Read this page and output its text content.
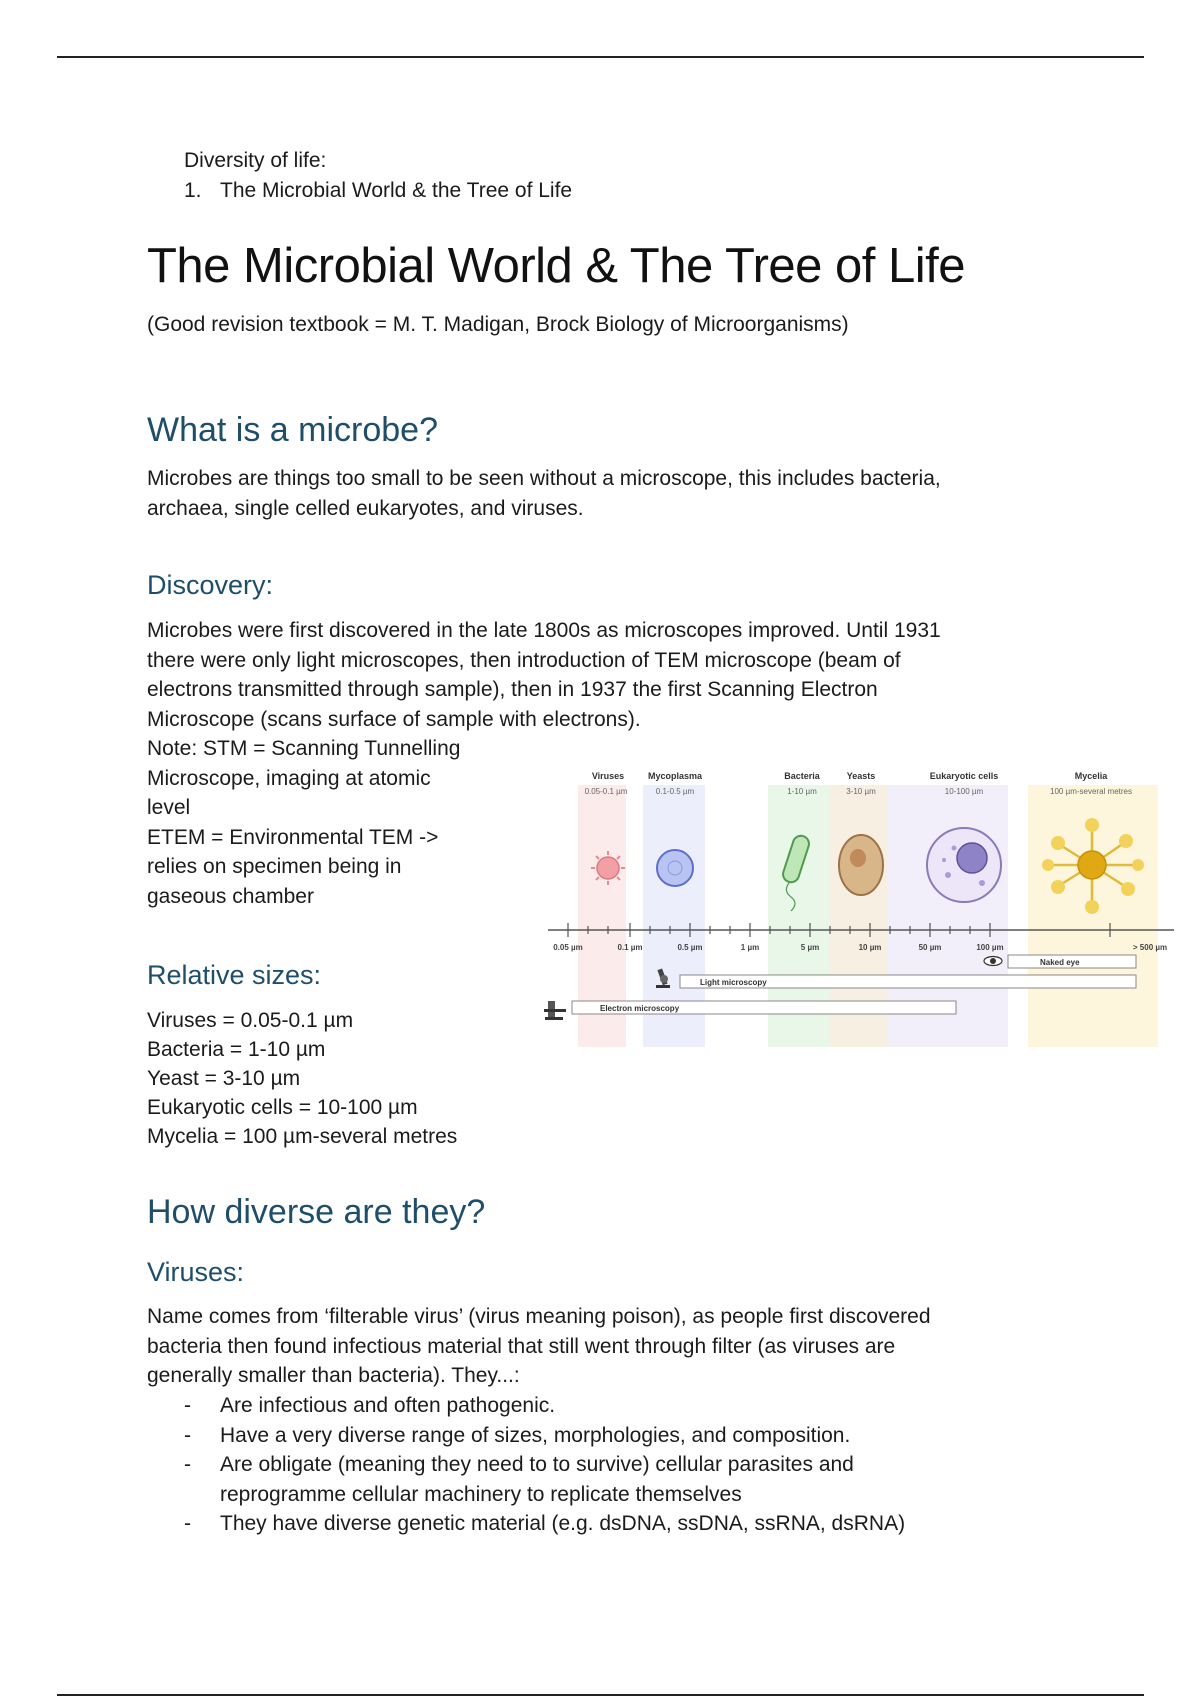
Diversity of life:
1. The Microbial World & the Tree of Life
The Microbial World & The Tree of Life
(Good revision textbook = M. T. Madigan, Brock Biology of Microorganisms)
What is a microbe?
Microbes are things too small to be seen without a microscope, this includes bacteria,
archaea, single celled eukaryotes, and viruses.
Discovery:
Microbes were first discovered in the late 1800s as microscopes improved. Until 1931
there were only light microscopes, then introduction of TEM microscope (beam of
electrons transmitted through sample), then in 1937 the first Scanning Electron
Microscope (scans surface of sample with electrons).
Note: STM = Scanning Tunnelling
Microscope, imaging at atomic
level
ETEM = Environmental TEM ->
relies on specimen being in
gaseous chamber
Relative sizes:
Viruses = 0.05-0.1 µm
Bacteria = 1-10 µm
Yeast = 3-10 µm
Eukaryotic cells = 10-100 µm
Mycelia = 100 µm-several metres
Viruses	Mycoplasma	Bacteria	Yeasts	Eukaryotic cells	Mycelia
0.05-0.1 µm	0.1-0.5 µm	1-10 µm	3-10 µm	10-100 µm	100 µm-several metres
0.05 µm	0.1 µm	0.5 µm	1 µm	5 µm	10 µm	50 µm	100 µm	> 500 µm
Naked eye
Light microscopy
Electron microscopy
How diverse are they?
Viruses:
Name comes from ‘filterable virus’ (virus meaning poison), as people first discovered
bacteria then found infectious material that still went through filter (as viruses are
generally smaller than bacteria). They...:
- Are infectious and often pathogenic.
- Have a very diverse range of sizes, morphologies, and composition.
- Are obligate (meaning they need to to survive) cellular parasites and reprogramme cellular machinery to replicate themselves
- They have diverse genetic material (e.g. dsDNA, ssDNA, ssRNA, dsRNA)
